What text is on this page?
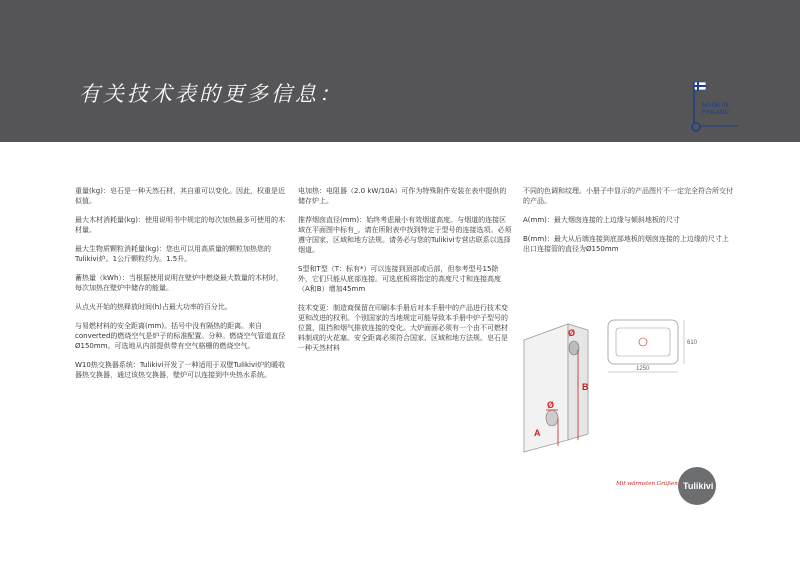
有关技术表的更多信息：	MADE IN
FINLAND

重量(kg)：皂石是一种天然石材，其自重可以变化。因此，权重是近似值。

最大木材消耗量(kg)：使用说明书中规定的每次加热最多可使用的木材量。

最大生物质颗粒消耗量(kg)：您也可以用高质量的颗粒加热您的Tulikivi炉。1公斤颗粒约为。1.5升。

蓄热量（kWh）：当根据使用说明在壁炉中燃烧最大数量的木材时，每次加热在壁炉中储存的能量。

从点火开始的热释放时间(h)占最大功率的百分比。

与易燃材料的安全距离(mm)。括号中没有隔热的距离。来自converted的燃烧空气是炉子的标准配置。分种。燃烧空气管道直径Ø150mm。可选地从内部提供带有空气格栅的燃烧空气。

W10热交换器系统：Tulikivi开发了一种适用于双壁Tulikivi炉的暖收器热交换器，通过该热交换器，壁炉可以连接到中央热水系统。

电加热：电阻器（2.0 kW/10A）可作为特殊附件安装在表中提供的储存炉上。

推荐烟囱直径(mm)：始终考虑最小有效烟道高度。与烟道的连接区域在平面图中标有_。请在所附表中找到特定于型号的连接选项。必须遵守国家、区域和地方法规。请务必与您的Tulikivi专营店联系以选择烟道。

S型和T型（T：标有*）可以连接到顶部或后部，但参考型号15除外，它们只能从底部连接。可选底板将指定的高度尺寸和连接高度（A和B）增加45mm

技术变更：制造商保留在印刷本手册后对本手册中的产品进行技术变更和改进的权利。个别国家的当地规定可能导致本手册中炉子型号的位置，阻挡和烟气排放连接的变化。大炉面面必须有一个由不可燃材料制成的火花塞。安全距离必须符合国家、区域和地方法规。皂石是一种天然材料

不同的色调和纹理。小册子中显示的产品图片不一定完全符合所交付的产品。

A(mm)：最大烟囱连接的上边缘与倾斜地板的尺寸

B(mm)：最大从后端连接到底部地板的烟囱连接的上边缘的尺寸上出口连接管的直径为Ø150mm

A
B
Ø
Ø
1250
610
Mit wärmsten Grüßen Tulikivi
